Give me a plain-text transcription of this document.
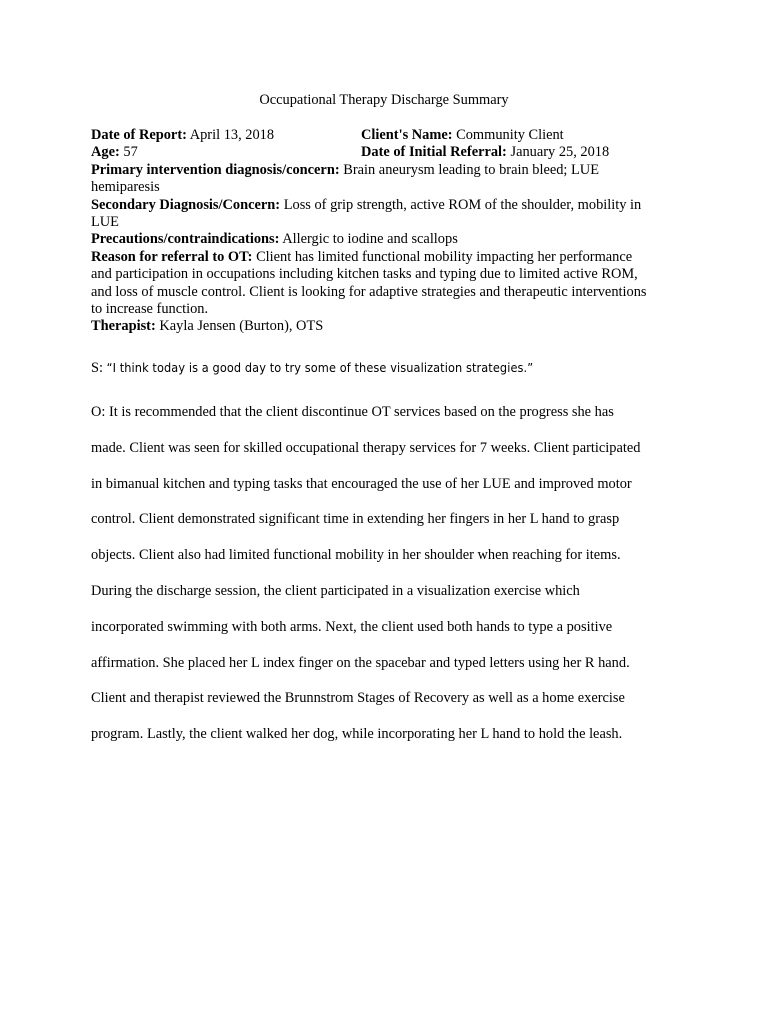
Occupational Therapy Discharge Summary
Date of Report: April 13, 2018	Client's Name: Community Client
Age: 57	Date of Initial Referral: January 25, 2018
Primary intervention diagnosis/concern: Brain aneurysm leading to brain bleed; LUE
hemiparesis
Secondary Diagnosis/Concern: Loss of grip strength, active ROM of the shoulder, mobility in
LUE
Precautions/contraindications: Allergic to iodine and scallops
Reason for referral to OT: Client has limited functional mobility impacting her performance
and participation in occupations including kitchen tasks and typing due to limited active ROM,
and loss of muscle control. Client is looking for adaptive strategies and therapeutic interventions
to increase function.
Therapist: Kayla Jensen (Burton), OTS
S: “I think today is a good day to try some of these visualization strategies.”
O: It is recommended that the client discontinue OT services based on the progress she has
made. Client was seen for skilled occupational therapy services for 7 weeks. Client participated
in bimanual kitchen and typing tasks that encouraged the use of her LUE and improved motor
control. Client demonstrated significant time in extending her fingers in her L hand to grasp
objects. Client also had limited functional mobility in her shoulder when reaching for items.
During the discharge session, the client participated in a visualization exercise which
incorporated swimming with both arms. Next, the client used both hands to type a positive
affirmation. She placed her L index finger on the spacebar and typed letters using her R hand.
Client and therapist reviewed the Brunnstrom Stages of Recovery as well as a home exercise
program. Lastly, the client walked her dog, while incorporating her L hand to hold the leash.
